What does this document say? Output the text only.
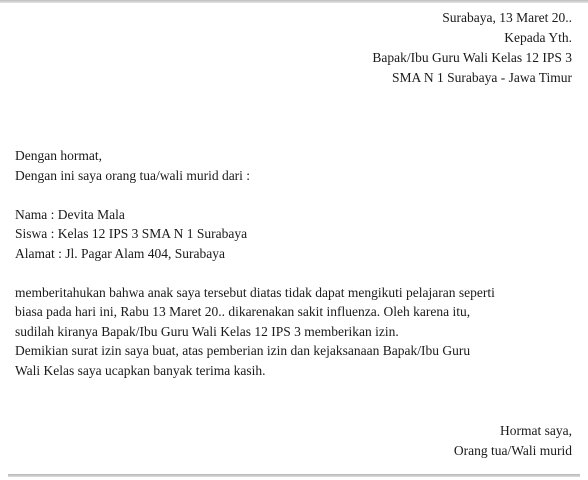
Surabaya, 13 Maret 20..
Kepada Yth.
Bapak/Ibu Guru Wali Kelas 12 IPS 3
SMA N 1 Surabaya - Jawa Timur

Dengan hormat,

Dengan ini saya orang tua/wali murid dari :

Nama : Devita Mala

Siswa : Kelas 12 IPS 3 SMA N 1 Surabaya

Alamat : Jl. Pagar Alam 404, Surabaya

memberitahukan bahwa anak saya tersebut diatas tidak dapat mengikuti pelajaran seperti

biasa pada hari ini, Rabu 13 Maret 20.. dikarenakan sakit influenza. Oleh karena itu,

sudilah kiranya Bapak/Ibu Guru Wali Kelas 12 IPS 3 memberikan izin.

Demikian surat izin saya buat, atas pemberian izin dan kejaksanaan Bapak/Ibu Guru

Wali Kelas saya ucapkan banyak terima kasih.

Hormat saya,
Orang tua/Wali murid
